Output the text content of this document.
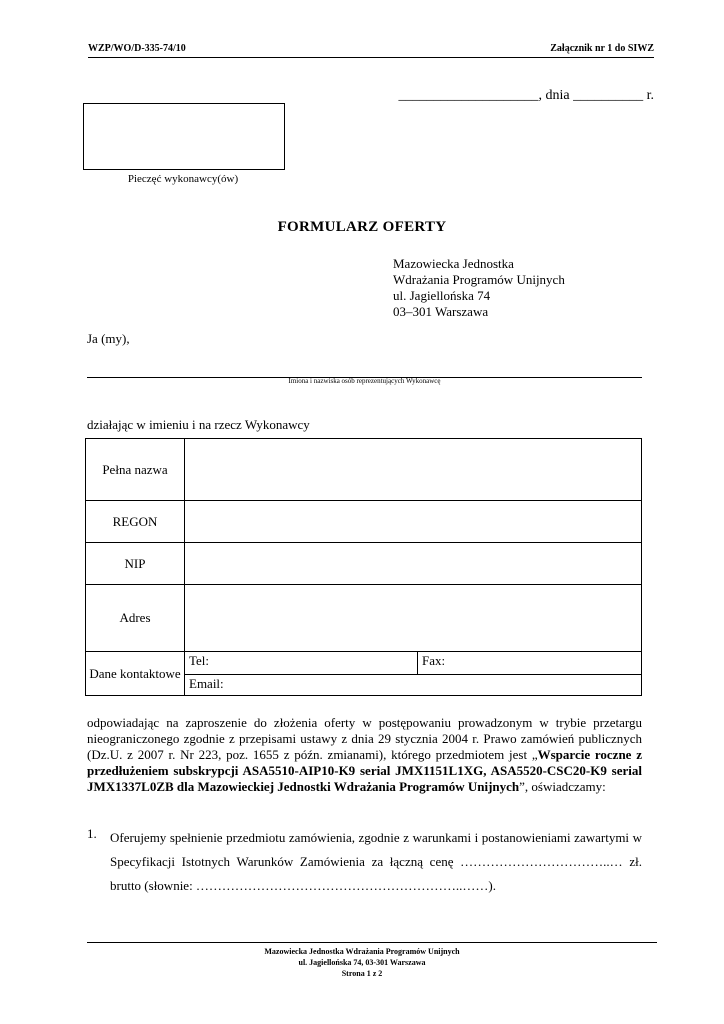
WZP/WO/D-335-74/10	Załącznik nr 1 do SIWZ
____________________, dnia __________ r.
Pieczęć wykonawcy(ów)
FORMULARZ OFERTY
Mazowiecka Jednostka
Wdrażania Programów Unijnych
ul. Jagiellońska 74
03–301 Warszawa
Ja (my),
Imiona i nazwiska osób reprezentujących Wykonawcę
działając w imieniu i na rzecz Wykonawcy
Pełna nazwa		
REGON		
NIP		
Adres		
Dane kontaktowe	Tel:	Fax:
	Email:	
odpowiadając na zaproszenie do złożenia oferty w postępowaniu prowadzonym w trybie przetargu nieograniczonego zgodnie z przepisami ustawy z dnia 29 stycznia 2004 r. Prawo zamówień publicznych (Dz.U. z 2007 r. Nr 223, poz. 1655 z późn. zmianami), którego przedmiotem jest „Wsparcie roczne z przedłużeniem subskrypcji ASA5510-AIP10-K9 serial JMX1151L1XG, ASA5520-CSC20-K9 serial JMX1337L0ZB dla Mazowieckiej Jednostki Wdrażania Programów Unijnych”, oświadczamy:
1. Oferujemy spełnienie przedmiotu zamówienia, zgodnie z warunkami i postanowieniami zawartymi w Specyfikacji Istotnych Warunków Zamówienia za łączną cenę ……………………………..… zł. brutto (słownie: ……………………………………………………..……).
Mazowiecka Jednostka Wdrażania Programów Unijnych
ul. Jagiellońska 74, 03-301 Warszawa
Strona 1 z 2
